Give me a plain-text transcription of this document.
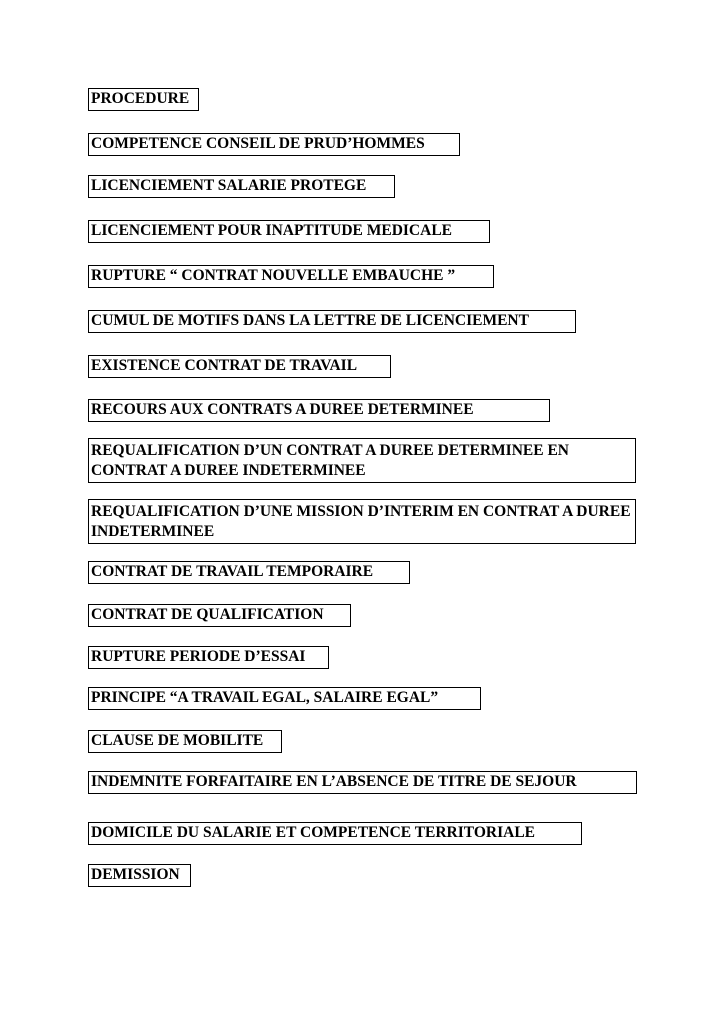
PROCEDURE
COMPETENCE CONSEIL DE PRUD’HOMMES
LICENCIEMENT SALARIE PROTEGE
LICENCIEMENT POUR INAPTITUDE MEDICALE
RUPTURE “ CONTRAT NOUVELLE EMBAUCHE ”
CUMUL DE MOTIFS DANS LA LETTRE DE LICENCIEMENT
EXISTENCE CONTRAT DE TRAVAIL
RECOURS AUX CONTRATS A DUREE DETERMINEE
REQUALIFICATION D’UN CONTRAT A DUREE DETERMINEE EN CONTRAT A DUREE INDETERMINEE
REQUALIFICATION D’UNE MISSION D’INTERIM EN CONTRAT A DUREE INDETERMINEE
CONTRAT DE TRAVAIL TEMPORAIRE
CONTRAT DE QUALIFICATION
RUPTURE PERIODE D’ESSAI
PRINCIPE “A TRAVAIL EGAL, SALAIRE EGAL”
CLAUSE DE MOBILITE
INDEMNITE FORFAITAIRE EN L’ABSENCE DE TITRE DE SEJOUR
DOMICILE DU SALARIE ET COMPETENCE TERRITORIALE
DEMISSION
